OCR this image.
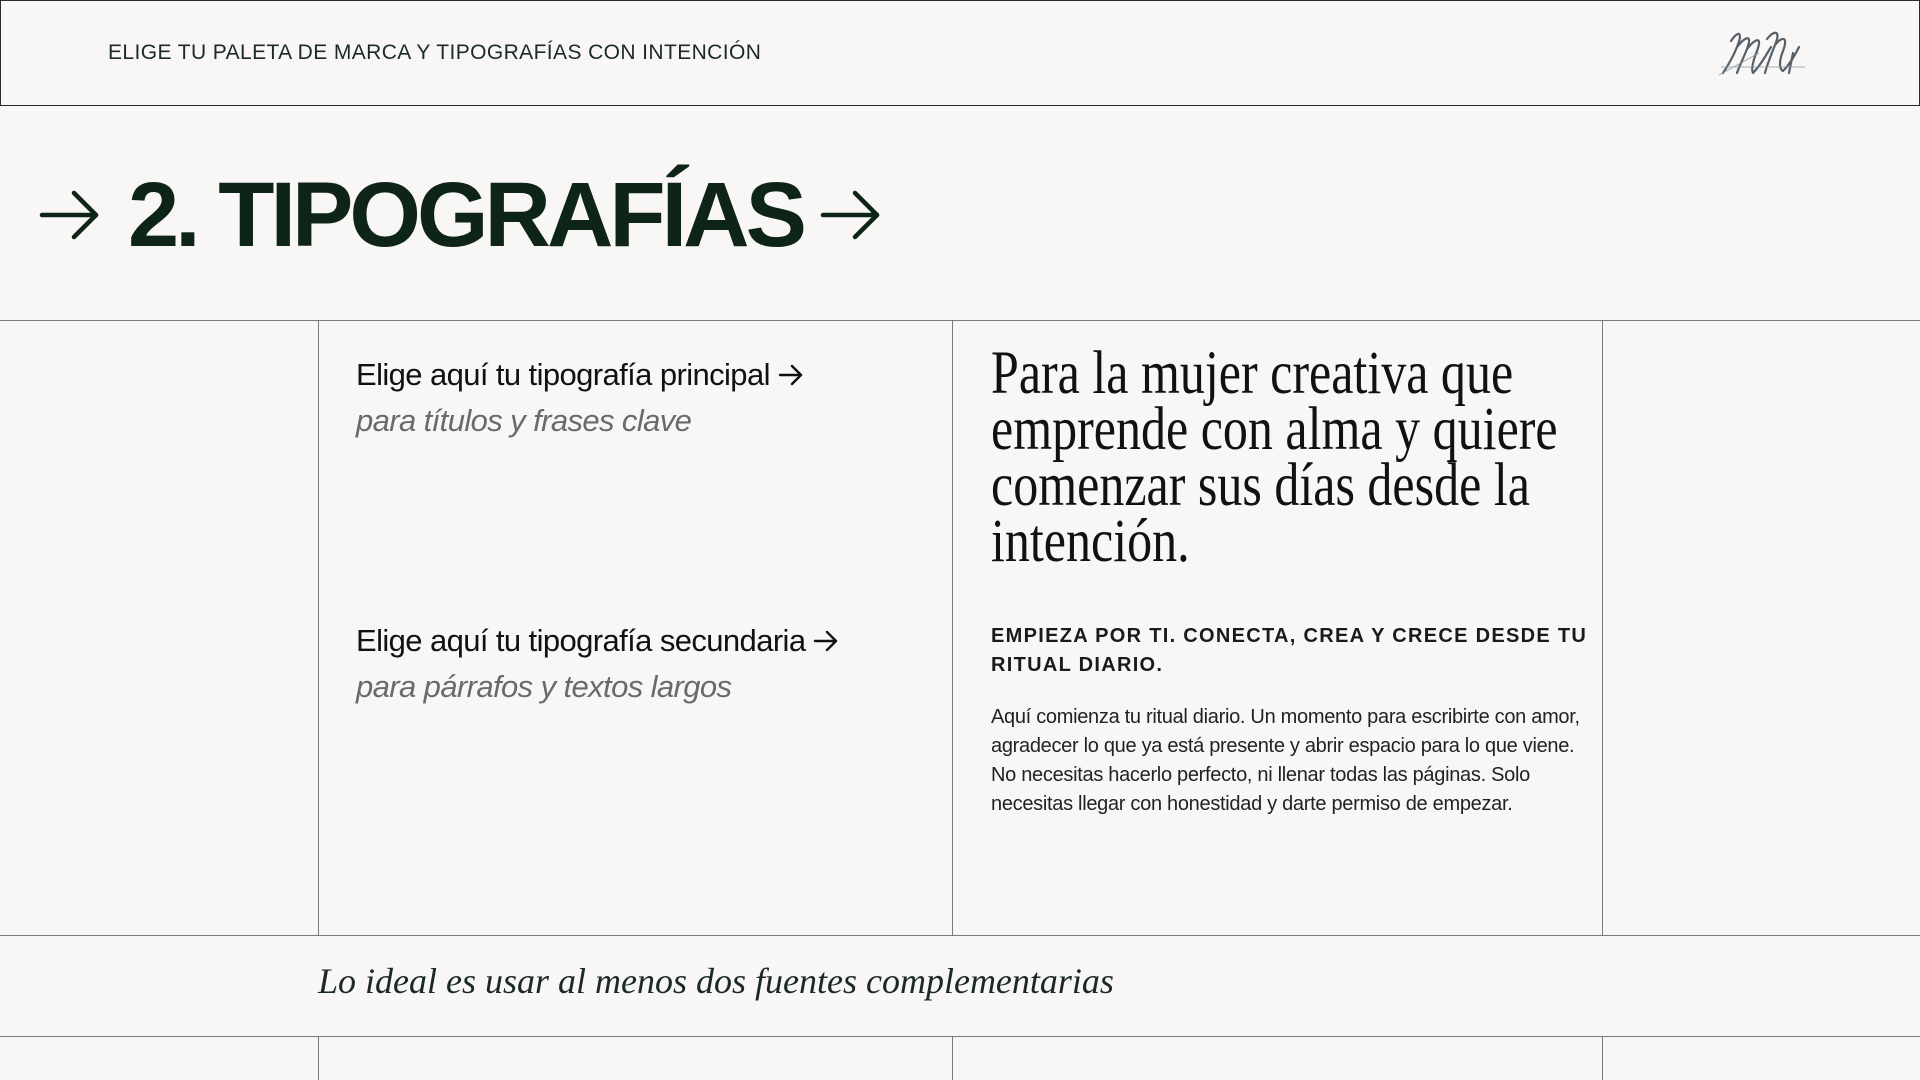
ELIGE TU PALETA DE MARCA Y TIPOGRAFÍAS CON INTENCIÓN
2. TIPOGRAFÍAS
Elige aquí tu tipografía principal
para títulos y frases clave
Elige aquí tu tipografía secundaria
para párrafos y textos largos
Para la mujer creativa que emprende con alma y quiere comenzar sus días desde la intención.
EMPIEZA POR TI. CONECTA, CREA Y CRECE DESDE TU RITUAL DIARIO.
Aquí comienza tu ritual diario. Un momento para escribirte con amor, agradecer lo que ya está presente y abrir espacio para lo que viene. No necesitas hacerlo perfecto, ni llenar todas las páginas. Solo necesitas llegar con honestidad y darte permiso de empezar.
Lo ideal es usar al menos dos fuentes complementarias
